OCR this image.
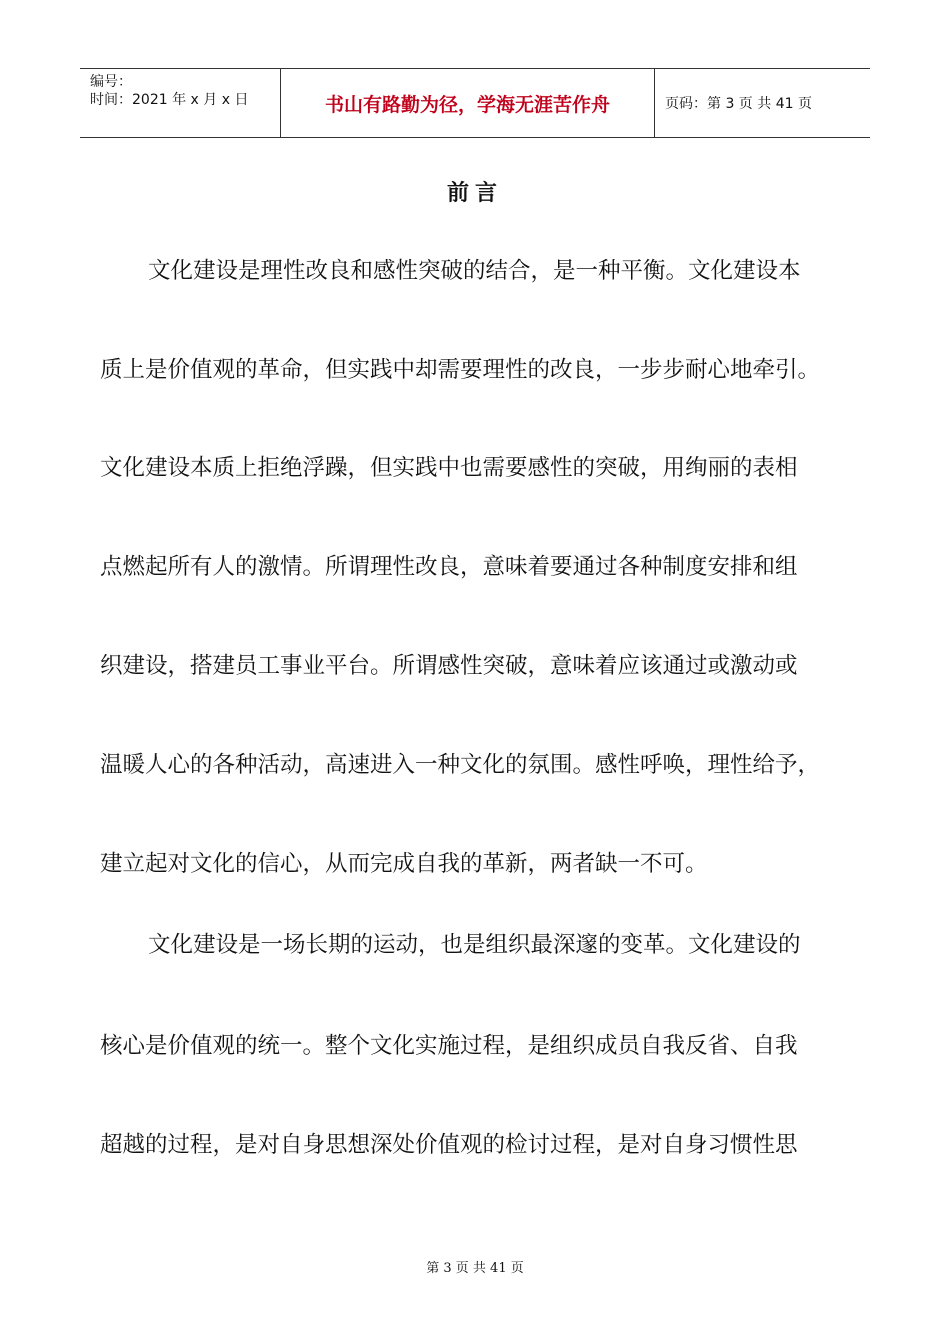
编号：
时间：2021 年 x 月 x 日	书山有路勤为径，学海无涯苦作舟	页码：第 3 页 共 41 页
前言
文化建设是理性改良和感性突破的结合，是一种平衡。文化建设本
质上是价值观的革命，但实践中却需要理性的改良，一步步耐心地牵引。
文化建设本质上拒绝浮躁，但实践中也需要感性的突破，用绚丽的表相
点燃起所有人的激情。所谓理性改良，意味着要通过各种制度安排和组
织建设，搭建员工事业平台。所谓感性突破，意味着应该通过或激动或
温暖人心的各种活动，高速进入一种文化的氛围。感性呼唤，理性给予，
建立起对文化的信心，从而完成自我的革新，两者缺一不可。
文化建设是一场长期的运动，也是组织最深邃的变革。文化建设的
核心是价值观的统一。整个文化实施过程，是组织成员自我反省、自我
超越的过程，是对自身思想深处价值观的检讨过程，是对自身习惯性思
第 3 页 共 41 页
